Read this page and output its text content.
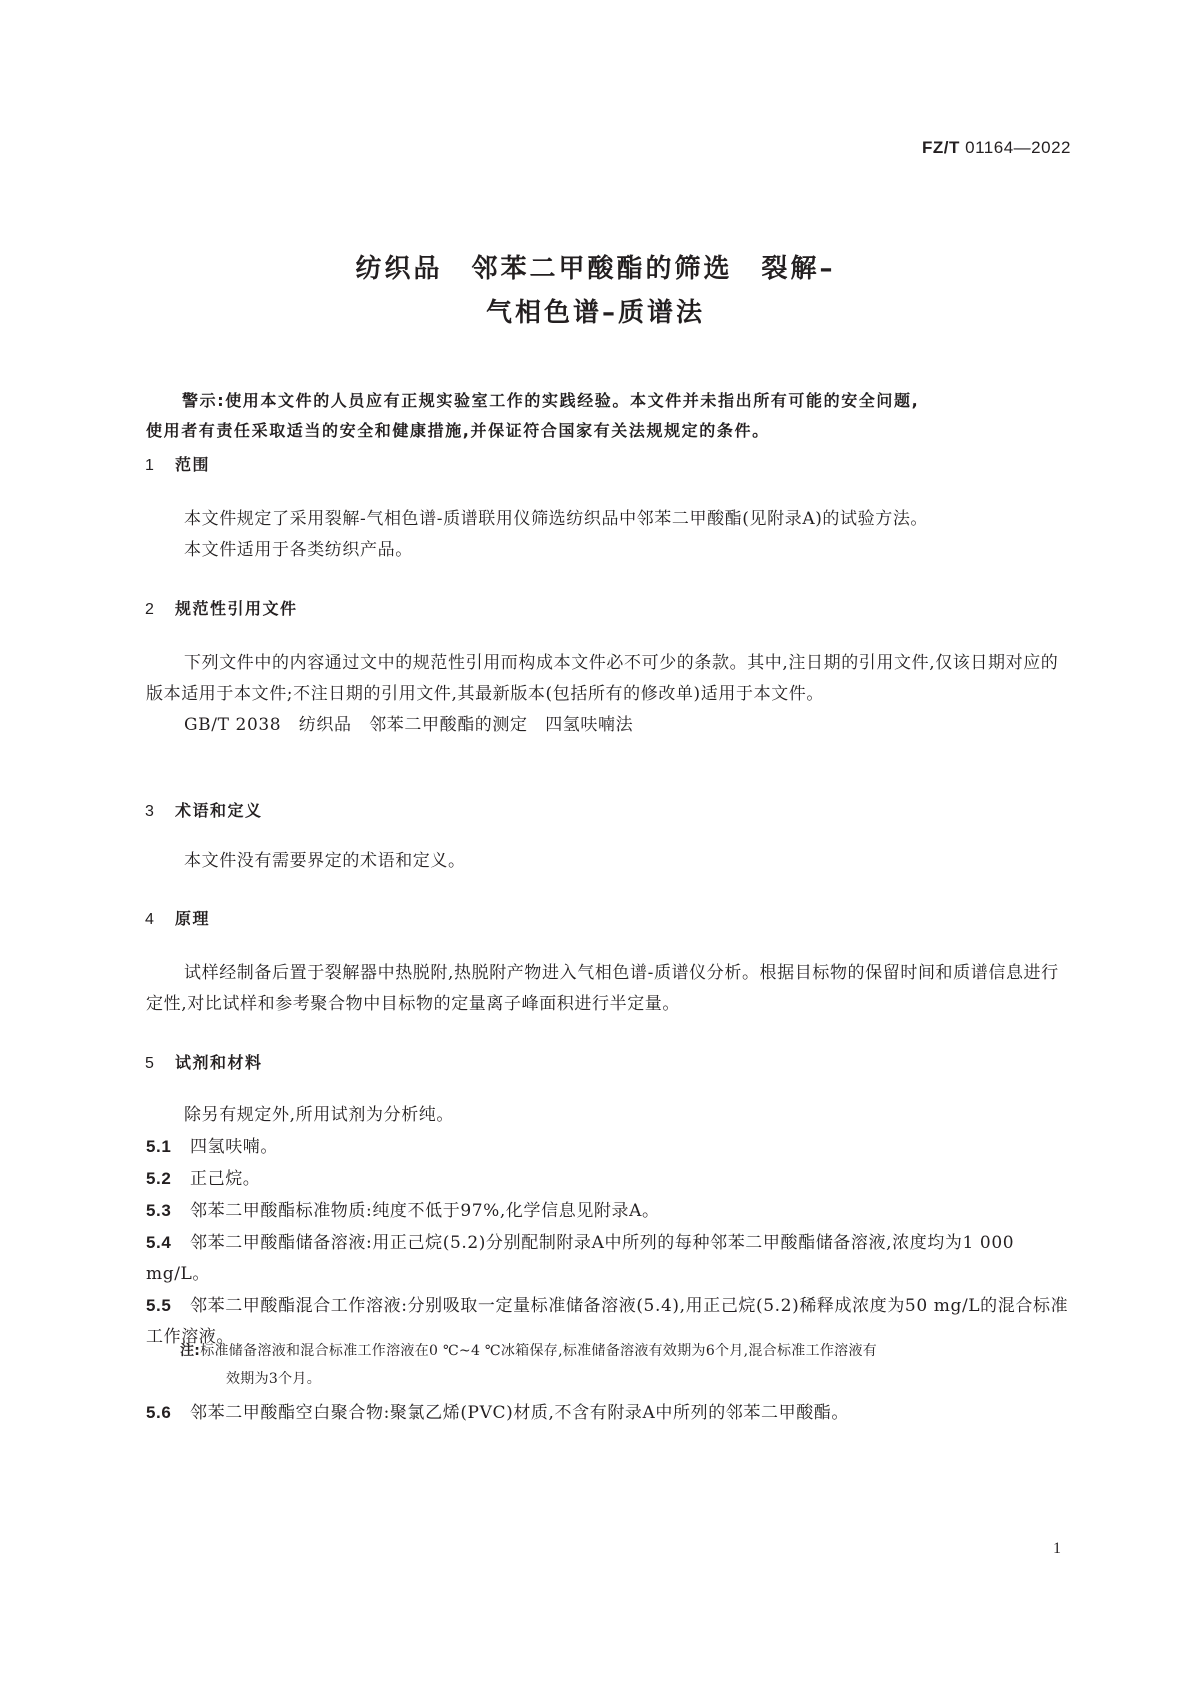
FZ/T 01164—2022
纺织品　邻苯二甲酸酯的筛选　裂解–
气相色谱–质谱法

警示:使用本文件的人员应有正规实验室工作的实践经验。本文件并未指出所有可能的安全问题,

使用者有责任采取适当的安全和健康措施,并保证符合国家有关法规规定的条件。

1 范围

本文件规定了采用裂解-气相色谱-质谱联用仪筛选纺织品中邻苯二甲酸酯(见附录A)的试验方法。

本文件适用于各类纺织产品。

2 规范性引用文件

下列文件中的内容通过文中的规范性引用而构成本文件必不可少的条款。其中,注日期的引用文件,仅该日期对应的版本适用于本文件;不注日期的引用文件,其最新版本(包括所有的修改单)适用于本文件。

GB/T 2038　纺织品　邻苯二甲酸酯的测定　四氢呋喃法

3 术语和定义

本文件没有需要界定的术语和定义。

4 原理

试样经制备后置于裂解器中热脱附,热脱附产物进入气相色谱-质谱仪分析。根据目标物的保留时间和质谱信息进行定性,对比试样和参考聚合物中目标物的定量离子峰面积进行半定量。

5 试剂和材料

除另有规定外,所用试剂为分析纯。

5.1 四氢呋喃。

5.2 正己烷。

5.3 邻苯二甲酸酯标准物质:纯度不低于97%,化学信息见附录A。

5.4 邻苯二甲酸酯储备溶液:用正己烷(5.2)分别配制附录A中所列的每种邻苯二甲酸酯储备溶液,浓度均为1 000 mg/L。

5.5 邻苯二甲酸酯混合工作溶液:分别吸取一定量标准储备溶液(5.4),用正己烷(5.2)稀释成浓度为50 mg/L的混合标准工作溶液。

注:标准储备溶液和混合标准工作溶液在0 ℃~4 ℃冰箱保存,标准储备溶液有效期为6个月,混合标准工作溶液有
效期为3个月。

5.6 邻苯二甲酸酯空白聚合物:聚氯乙烯(PVC)材质,不含有附录A中所列的邻苯二甲酸酯。

1
